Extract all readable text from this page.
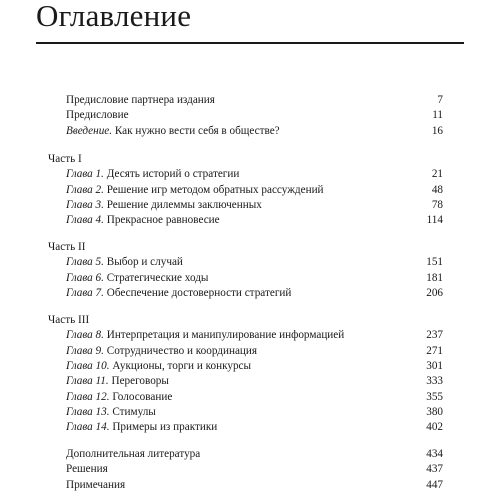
Оглавление
Предисловие партнера издания	7
Предисловие	11
Введение. Как нужно вести себя в обществе?	16
Часть I
Глава 1. Десять историй о стратегии	21
Глава 2. Решение игр методом обратных рассуждений	48
Глава 3. Решение дилеммы заключенных	78
Глава 4. Прекрасное равновесие	114
Часть II
Глава 5. Выбор и случай	151
Глава 6. Стратегические ходы	181
Глава 7. Обеспечение достоверности стратегий	206
Часть III
Глава 8. Интерпретация и манипулирование информацией	237
Глава 9. Сотрудничество и координация	271
Глава 10. Аукционы, торги и конкурсы	301
Глава 11. Переговоры	333
Глава 12. Голосование	355
Глава 13. Стимулы	380
Глава 14. Примеры из практики	402
Дополнительная литература	434
Решения	437
Примечания	447
